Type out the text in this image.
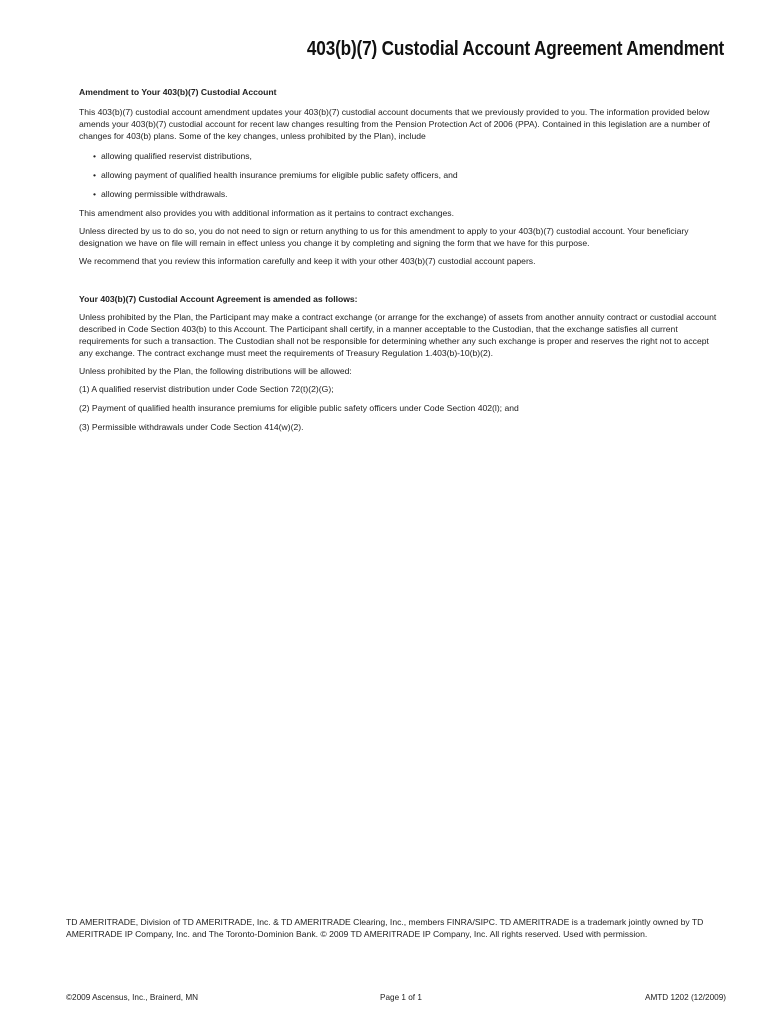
403(b)(7) Custodial Account Agreement Amendment

Amendment to Your 403(b)(7) Custodial Account

This 403(b)(7) custodial account amendment updates your 403(b)(7) custodial account documents that we previously provided to you. The information provided below amends your 403(b)(7) custodial account for recent law changes resulting from the Pension Protection Act of 2006 (PPA). Contained in this legislation are a number of changes for 403(b) plans. Some of the key changes, unless prohibited by the Plan), include

• allowing qualified reservist distributions,
• allowing payment of qualified health insurance premiums for eligible public safety officers, and
• allowing permissible withdrawals.

This amendment also provides you with additional information as it pertains to contract exchanges.

Unless directed by us to do so, you do not need to sign or return anything to us for this amendment to apply to your 403(b)(7) custodial account. Your beneficiary designation we have on file will remain in effect unless you change it by completing and signing the form that we have for this purpose.

We recommend that you review this information carefully and keep it with your other 403(b)(7) custodial account papers.

Your 403(b)(7) Custodial Account Agreement is amended as follows:

Unless prohibited by the Plan, the Participant may make a contract exchange (or arrange for the exchange) of assets from another annuity contract or custodial account described in Code Section 403(b) to this Account. The Participant shall certify, in a manner acceptable to the Custodian, that the exchange satisfies all current requirements for such a transaction. The Custodian shall not be responsible for determining whether any such exchange is proper and reserves the right not to accept any exchange. The contract exchange must meet the requirements of Treasury Regulation 1.403(b)-10(b)(2).

Unless prohibited by the Plan, the following distributions will be allowed:

(1) A qualified reservist distribution under Code Section 72(t)(2)(G);
(2) Payment of qualified health insurance premiums for eligible public safety officers under Code Section 402(l); and
(3) Permissible withdrawals under Code Section 414(w)(2).

TD AMERITRADE, Division of TD AMERITRADE, Inc. & TD AMERITRADE Clearing, Inc., members FINRA/SIPC. TD AMERITRADE is a trademark jointly owned by TD AMERITRADE IP Company, Inc. and The Toronto-Dominion Bank. © 2009 TD AMERITRADE IP Company, Inc. All rights reserved. Used with permission.

©2009 Ascensus, Inc., Brainerd, MN	Page 1 of 1	AMTD 1202 (12/2009)
